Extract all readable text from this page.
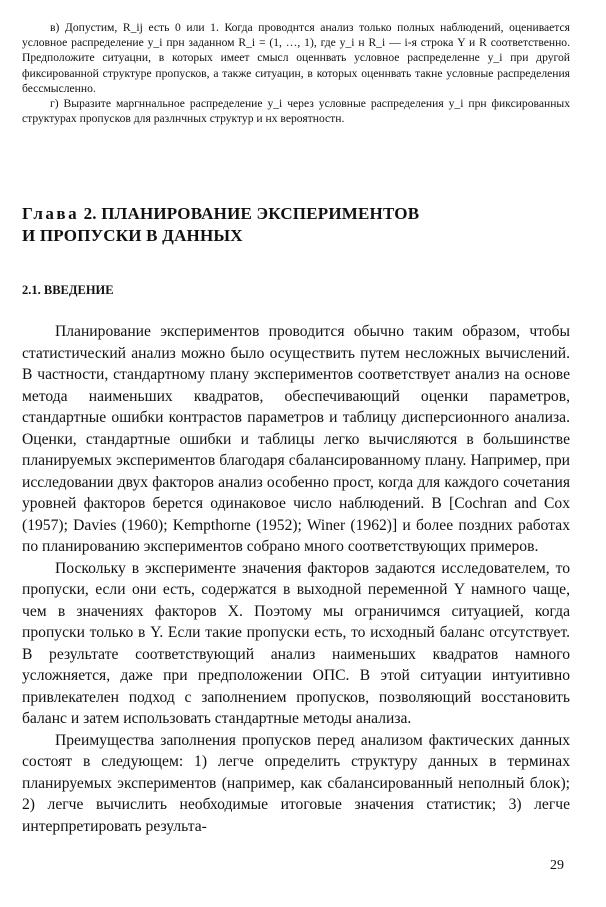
в) Допустим, R_ij есть 0 или 1. Когда проводнтся анализ только полных наблюдений, оценивается условное распределение y_i прн заданном R_i = (1, …, 1), где y_i н R_i — i-я строка Y и R соответственно. Предположите ситуацни, в которых имеет смысл оценнвать условное распределенне y_i при другой фиксированной структуре пропусков, а также ситуацин, в которых оценнвать такне условные распределения бессмысленно.

г) Выразите маргннальное распределение y_i через условные распределения y_i прн фиксированных структурах пропусков для разлнчных структур и нх вероятностн.

Глава 2. ПЛАНИРОВАНИЕ ЭКСПЕРИМЕНТОВ
И ПРОПУСКИ В ДАННЫХ
2.1. ВВЕДЕНИЕ

Планирование экспериментов проводится обычно таким образом, чтобы статистический анализ можно было осуществить путем несложных вычислений. В частности, стандартному плану экспериментов соответствует анализ на основе метода наименьших квадратов, обеспечивающий оценки параметров, стандартные ошибки контрастов параметров и таблицу дисперсионного анализа. Оценки, стандартные ошибки и таблицы легко вычисляются в большинстве планируемых экспериментов благодаря сбалансированному плану. Например, при исследовании двух факторов анализ особенно прост, когда для каждого сочетания уровней факторов берется одинаковое число наблюдений. В [Cochran and Cox (1957); Davies (1960); Kempthorne (1952); Winer (1962)] и более поздних работах по планированию экспериментов собрано много соответствующих примеров.

Поскольку в эксперименте значения факторов задаются исследователем, то пропуски, если они есть, содержатся в выходной переменной Y намного чаще, чем в значениях факторов X. Поэтому мы ограничимся ситуацией, когда пропуски только в Y. Если такие пропуски есть, то исходный баланс отсутствует. В результате соответствующий анализ наименьших квадратов намного усложняется, даже при предположении ОПС. В этой ситуации интуитивно привлекателен подход с заполнением пропусков, позволяющий восстановить баланс и затем использовать стандартные методы анализа.

Преимущества заполнения пропусков перед анализом фактических данных состоят в следующем: 1) легче определить структуру данных в терминах планируемых экспериментов (например, как сбалансированный неполный блок); 2) легче вычислить необходимые итоговые значения статистик; 3) легче интерпретировать результа-

29
